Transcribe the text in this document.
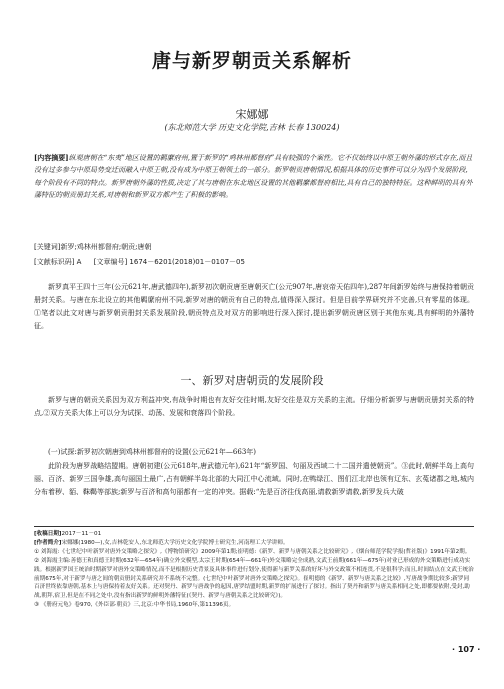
唐与新罗朝贡关系解析
宋娜娜
(东北师范大学 历史文化学院,吉林 长春 130024)
[内容摘要]纵观唐朝在“东夷”地区设置的羁縻府州,置于新罗的“鸡林州都督府”具有较强的个案性。它不仅始终以中原王朝外藩的形式存在,而且没有过多参与中原局势变迁而融入中原王朝,没有成为中原王朝领土的一部分。新罗朝贡唐朝情况,根据具体的历史事件可以分为四个发展阶段,每个阶段有不同的特点。新罗唐朝外藩的性质,决定了其与唐朝在东北地区设置的其他羁縻都督府相比,具有自己的独特特征。这种鲜明的具有外藩特征的朝贡册封关系,对唐朝和新罗双方都产生了积极的影响。
[关键词]新罗;鸡林州都督府;朝贡;唐朝
[文献标识码] A [文章编号] 1674－6201(2018)01－0107－05
新罗真平王四十三年(公元621年,唐武德四年),新罗初次朝贡唐至唐朝灭亡(公元907年,唐哀帝天佑四年),287年间新罗始终与唐保持着朝贡册封关系。与唐在东北设立的其他羁縻府州不同,新罗对唐的朝贡有自己的特点,值得深入探讨。但是目前学界研究并不完善,只有零星的体现。①笔者以此文对唐与新罗朝贡册封关系发展阶段,朝贡特点及对双方的影响进行深入探讨,提出新罗朝贡唐区别于其他东夷,具有鲜明的外藩特征。
一、新罗对唐朝贡的发展阶段
新罗与唐的朝贡关系因为双方利益冲突,有战争时期也有友好交往时期,友好交往是双方关系的主流。仔细分析新罗与唐朝贡册封关系的特点,②双方关系大体上可以分为试探、动荡、发展和衰落四个阶段。
(一)试探:新罗初次朝唐到鸡林州都督府的设置(公元621年—663年)
此阶段为唐罗战略结盟期。唐朝初建(公元618年,唐武德元年),621年“新罗国、句丽及西域二十二国并遣使朝贡”。③此时,朝鲜半岛上高句丽、百济、新罗三国争雄,高句丽国土最广,占有朝鲜半岛北部的大同江中心流域。同时,在鸭绿江、图们江北岸也领有辽东、玄菟诸郡之地,城内分布着秽、貊、靺鞨等部族;新罗与百济和高句丽都有一定的冲突。据载:“先是百济往伐高丽,请救新罗请救,新罗发兵大破

[收稿日期]2017－11－01

[作者简介]宋娜娜(1980—),女,吉林乾安人,东北师范大学历史文化学院博士研究生,河南理工大学讲师。

① 刘海霞:《七世纪中叶新罗对唐外交策略之探究》,《博物馆研究》2009年第1期;崔明德:《新罗、新罗与唐朝关系之比较研究》,《烟台师范学院学报(哲社版)》1991年第2期。

② 刘海霞主编:善德王和真德王时期(632年—654年)确立外交模型,太宗王时期(654年—661年)外交策略完全成熟,文武王前期(661年—675年)对业已形成的外交策略进行成功实践。根据新罗国王统治时期新罗对唐外交策略情况,而不是根据历史背景及具体事件进行划分,使得新与新罗关系的好坏与外交政策不相连贯,不是很科学;而且,时间结点在文武王统治前期675年,对于新罗与唐之间的朝贡册封关系研究并不系统不完整。(七世纪中叶新罗对唐外交策略之探究》。崔明德的《新罗、新罗与唐关系之比较》,写唐战争期比较多;新罗同百济世终依靠唐朝,基本上与唐保持着友好关系。还对契丹、新罗与唐战争的起因,唐罗结盟时期,新罗的扩展进行了探讨。指出了契丹和新罗与唐关系相同之处,即都要依附,受封,助战,朝拜,宿卫,但是在不同之处中,没有指出新罗的鲜明外藩特征(《契丹、新罗与唐朝关系之比较研究》)。

③ 《册府元龟》卷970,《外臣部·朝贡》三,北京:中华书局,1960年,第11396页。

· 107 ·
